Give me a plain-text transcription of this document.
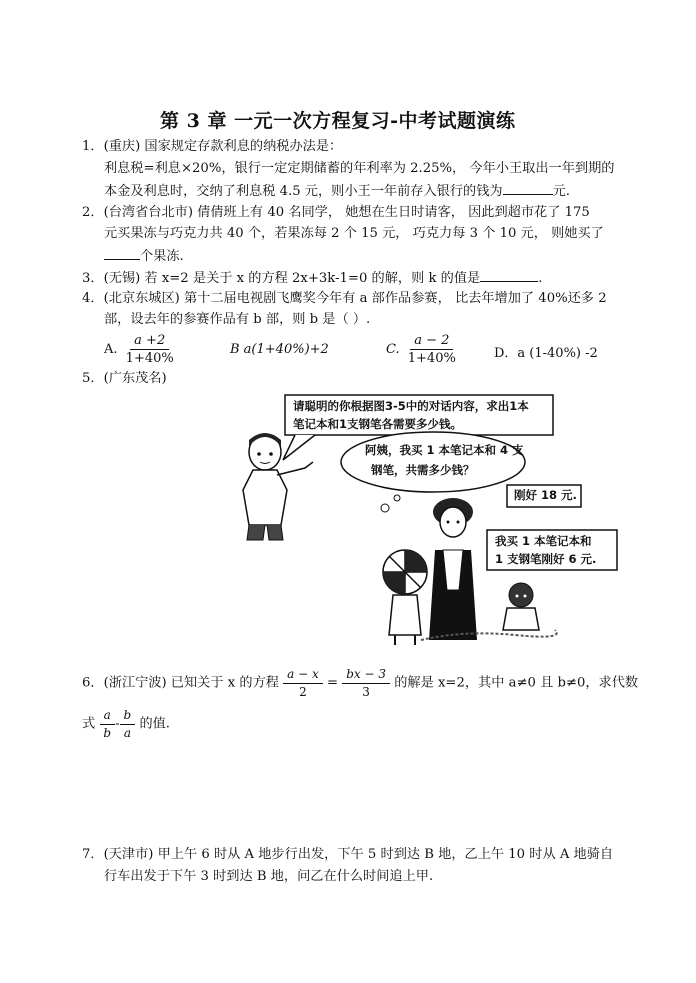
第 3 章 一元一次方程复习-中考试题演练
1．(重庆) 国家规定存款利息的纳税办法是：
利息税=利息×20%，银行一定定期储蓄的年利率为 2.25%， 今年小王取出一年到期的
本金及利息时，交纳了利息税 4.5 元，则小王一年前存入银行的钱为	元.
2．(台湾省台北市) 倩倩班上有 40 名同学， 她想在生日时请客， 因此到超市花了 175
元买果冻与巧克力共 40 个，若果冻每 2 个 15 元， 巧克力每 3 个 10 元， 则她买了
个果冻.
3．(无锡) 若 x=2 是关于 x 的方程 2x+3k-1=0 的解，则 k 的值是	.
4．(北京东城区) 第十二届电视剧飞鹰奖今年有 a 部作品参赛， 比去年增加了 40%还多 2
部，设去年的参赛作品有 b 部，则 b 是（ ）.
A. $\frac{a +2}{1+40\%}$	B a(1+40%)+2	C. $\frac{a - 2}{1+40\%}$	D．a (1-40%) -2
5．(广东茂名)
请聪明的你根据图3-5中的对话内容，求出1本
笔记本和1支钢笔各需要多少钱。
阿姨，我买 1 本笔记本和 4 支
钢笔，共需多少钱？
刚好 18 元.
我买 1 本笔记本和
1 支钢笔刚好 6 元.
6．(浙江宁波) 已知关于 x 的方程 $\frac{a - x}{2} = \frac{bx - 3}{3}$ 的解是 x=2，其中 a≠0 且 b≠0，求代数
式 $\frac{a}{b} - \frac{b}{a}$ 的值.
7．(天津市) 甲上午 6 时从 A 地步行出发，下午 5 时到达 B 地，乙上午 10 时从 A 地骑自
行车出发于下午 3 时到达 B 地，问乙在什么时间追上甲.
